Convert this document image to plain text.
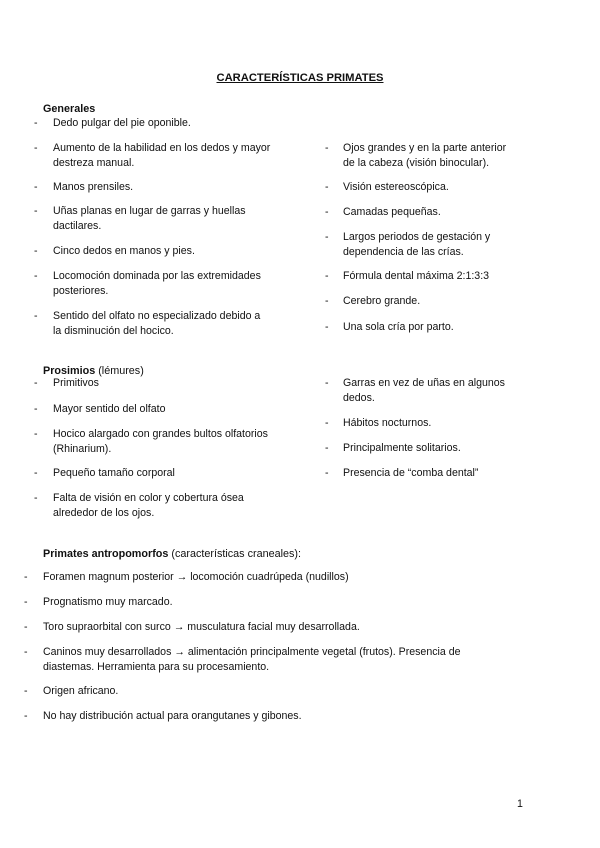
CARACTERÍSTICAS PRIMATES
Generales
- Dedo pulgar del pie oponible.
- Aumento de la habilidad en los dedos y mayor
destreza manual.
- Manos prensiles.
- Uñas planas en lugar de garras y huellas
dactilares.
- Cinco dedos en manos y pies.
- Locomoción dominada por las extremidades
posteriores.
- Sentido del olfato no especializado debido a
la disminución del hocico.
- Ojos grandes y en la parte anterior
de la cabeza (visión binocular).
- Visión estereoscópica.
- Camadas pequeñas.
- Largos periodos de gestación y
dependencia de las crías.
- Fórmula dental máxima 2:1:3:3
- Cerebro grande.
- Una sola cría por parto.
Prosimios (lémures)
- Primitivos
- Mayor sentido del olfato
- Hocico alargado con grandes bultos olfatorios
(Rhinarium).
- Pequeño tamaño corporal
- Falta de visión en color y cobertura ósea
alrededor de los ojos.
- Garras en vez de uñas en algunos
dedos.
- Hábitos nocturnos.
- Principalmente solitarios.
- Presencia de “comba dental”
Primates antropomorfos (características craneales):
- Foramen magnum posterior → locomoción cuadrúpeda (nudillos)
- Prognatismo muy marcado.
- Toro supraorbital con surco → musculatura facial muy desarrollada.
- Caninos muy desarrollados → alimentación principalmente vegetal (frutos). Presencia de
diastemas. Herramienta para su procesamiento.
- Origen africano.
- No hay distribución actual para orangutanes y gibones.
1
